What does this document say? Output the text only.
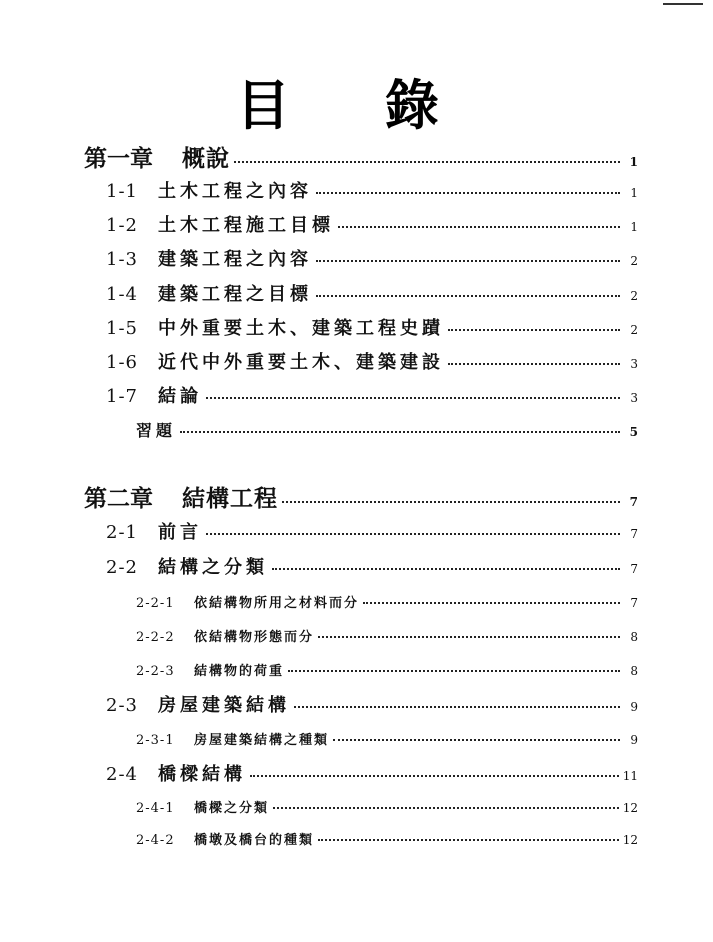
目 錄
第一章	概說	1
1-1	土木工程之內容	1
1-2	土木工程施工目標	1
1-3	建築工程之內容	2
1-4	建築工程之目標	2
1-5	中外重要土木、建築工程史蹟	2
1-6	近代中外重要土木、建築建設	3
1-7	結論	3
習題	5
第二章	結構工程	7
2-1	前言	7
2-2	結構之分類	7
2-2-1	依結構物所用之材料而分	7
2-2-2	依結構物形態而分	8
2-2-3	結構物的荷重	8
2-3	房屋建築結構	9
2-3-1	房屋建築結構之種類	9
2-4	橋樑結構	11
2-4-1	橋樑之分類	12
2-4-2	橋墩及橋台的種類	12
